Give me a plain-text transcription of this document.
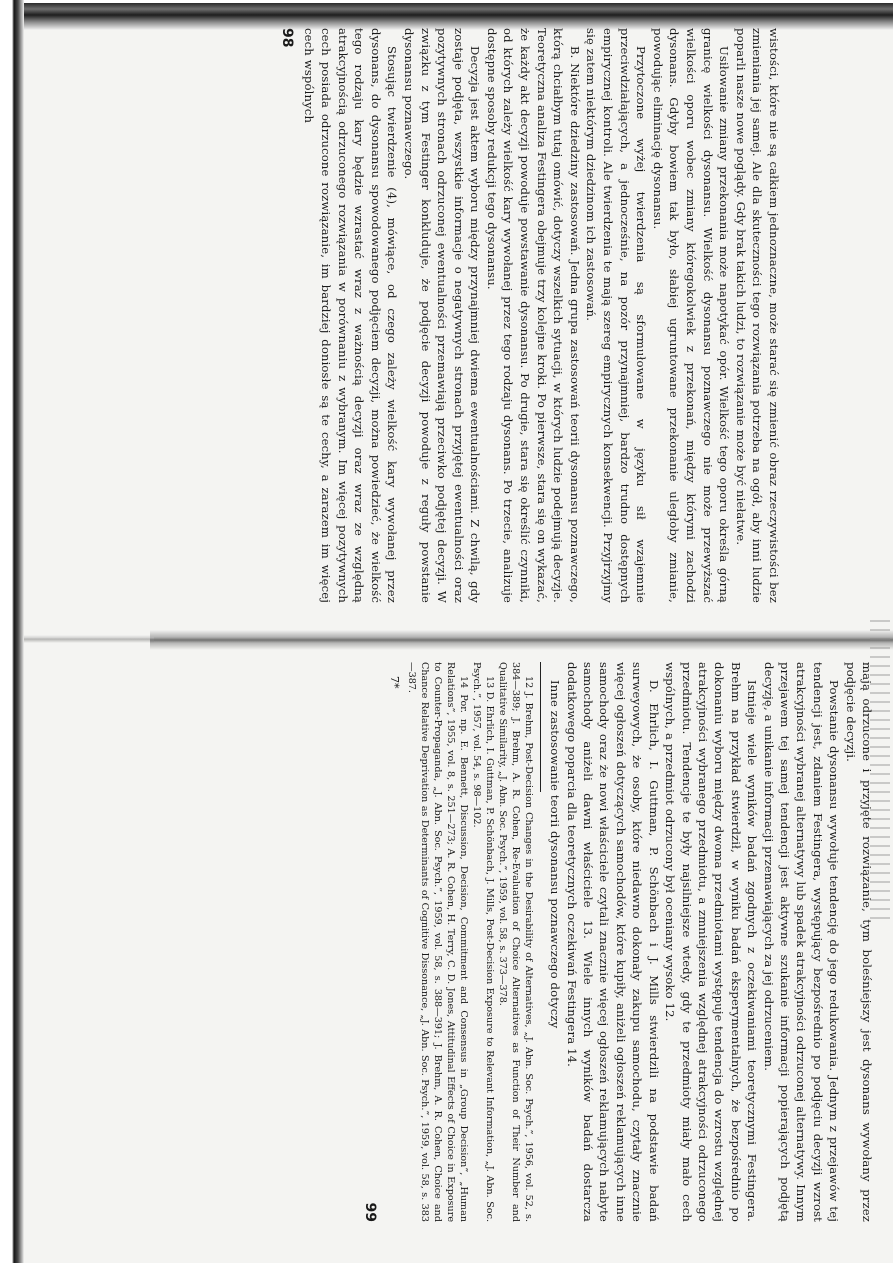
wistości, które nie są całkiem jednoznaczne, może starać się zmienić obraz rzeczywistości bez zmieniania jej samej. Ale dla skuteczności tego rozwiązania potrzeba na ogół, aby inni ludzie poparli nasze nowe poglądy. Gdy brak takich ludzi, to rozwiązanie może być niełatwe.

Usiłowanie zmiany przekonania może napotykać opór. Wielkość tego oporu określa górną granicę wielkości dysonansu. Wielkość dysonansu poznawczego nie może przewyższać wielkości oporu wobec zmiany któregokolwiek z przekonań, między którymi zachodzi dysonans. Gdyby bowiem tak było, słabiej ugruntowane przekonanie uległoby zmianie, powodując eliminację dysonansu.

Przytoczone wyżej twierdzenia są sformułowane w języku sił wzajemnie przeciwdziałających, a jednocześnie, na pozór przynajmniej, bardzo trudno dostępnych empirycznej kontroli. Ale twierdzenia te mają szereg empirycznych konsekwencji. Przyjrzyjmy się zatem niektórym dziedzinom ich zastosowań.

B. Niektóre dziedziny zastosowań. Jedna grupa zastosowań teorii dysonansu poznawczego, którą chciałbym tutaj omówić, dotyczy wszelkich sytuacji, w których ludzie podejmują decyzje. Teoretyczna analiza Festingera obejmuje trzy kolejne kroki. Po pierwsze, stara się on wykazać, że każdy akt decyzji powoduje powstawanie dysonansu. Po drugie, stara się określić czynniki, od których zależy wielkość kary wywołanej przez tego rodzaju dysonans. Po trzecie, analizuje dostępne sposoby redukcji tego dysonansu.

Decyzja jest aktem wyboru między przynajmniej dwiema ewentualnościami. Z chwilą, gdy zostaje podjęta, wszystkie informacje o negatywnych stronach przyjętej ewentualności oraz pozytywnych stronach odrzuconej ewentualności przemawiają przeciwko podjętej decyzji. W związku z tym Festinger konkluduje, że podjęcie decyzji powoduje z reguły powstanie dysonansu poznawczego.

Stosując twierdzenie (4), mówiące, od czego zależy wielkość kary wywołanej przez dysonans, do dysonansu spowodowanego podjęciem decyzji, można powiedzieć, że wielkość tego rodzaju kary będzie wzrastać wraz z ważnością decyzji oraz wraz ze względną atrakcyjnością odrzuconego rozwiązania w porównaniu z wybranym. Im więcej pozytywnych cech posiada odrzucone rozwiązanie, im bardziej doniosłe są te cechy, a zarazem im więcej cech wspólnych

98

mają odrzucone i przyjęte rozwiązanie, tym boleśniejszy jest dysonans wywołany przez podjęcie decyzji.

Powstanie dysonansu wywołuje tendencję do jego redukowania. Jednym z przejawów tej tendencji jest, zdaniem Festingera, występujący bezpośrednio po podjęciu decyzji wzrost atrakcyjności wybranej alternatywy lub spadek atrakcyjności odrzuconej alternatywy. Innym przejawem tej samej tendencji jest aktywne szukanie informacji popierających podjętą decyzję, a unikanie informacji przemawiających za jej odrzuceniem.

Istnieje wiele wyników badań zgodnych z oczekiwaniami teoretycznymi Festingera. Brehm na przykład stwierdził, w wyniku badań eksperymentalnych, że bezpośrednio po dokonaniu wyboru między dwoma przedmiotami występuje tendencja do wzrostu względnej atrakcyjności wybranego przedmiotu, a zmniejszenia względnej atrakcyjności odrzuconego przedmiotu. Tendencje te były najsilniejsze wtedy, gdy te przedmioty miały mało cech wspólnych, a przedmiot odrzucony był oceniany wysoko 12.

D. Ehrlich, I. Guttman, P. Schönbach i J. Mills stwierdzili na podstawie badań surweyowych, że osoby, które niedawno dokonały zakupu samochodu, czytały znacznie więcej ogłoszeń dotyczących samochodów, które kupiły, aniżeli ogłoszeń reklamujących inne samochody oraz że nowi właściciele czytali znacznie więcej ogłoszeń reklamujących nabyte samochody aniżeli dawni właściciele 13. Wiele innych wyników badań dostarcza dodatkowego poparcia dla teoretycznych oczekiwań Festingera 14.

Inne zastosowanie teorii dysonansu poznawczego dotyczy

12 J. Brehm, Post-Decision Changes in the Desirability of Alternatives, „J. Abn. Soc. Psych.”, 1956, vol. 52, s. 384—389; J. Brehm, A. R. Cohen, Re-Evaluation of Choice Alternatives as Function of Their Number and Qualitative Similarity, „J. Abn. Soc. Psych.”, 1959, vol. 58, s. 373—378.

13 D. Ehrlich, I. Guttman, P. Schönbach, J. Mills, Post-Decision Exposure to Relevant Information, „J. Abn. Soc. Psych.”, 1957, vol. 54, s. 98—102.

14 Por. np. E. Bennett, Discussion, Decision, Commitment and Consensus in „Group Decision”, „Human Relations”, 1955, vol. 8, s. 251—273; A. R. Cohen, H. Terry, C. D. Jones, Attitudinal Effects of Choice in Exposure to Counter-Propaganda, „J. Abn. Soc. Psych.”, 1959, vol. 58, s. 388—391; J. Brehm, A. R. Cohen, Choice and Chance Relative Deprivation as Determinants of Cognitive Dissonance, „J. Abn. Soc. Psych.”, 1959, vol. 58, s. 383—387.

7*
99
